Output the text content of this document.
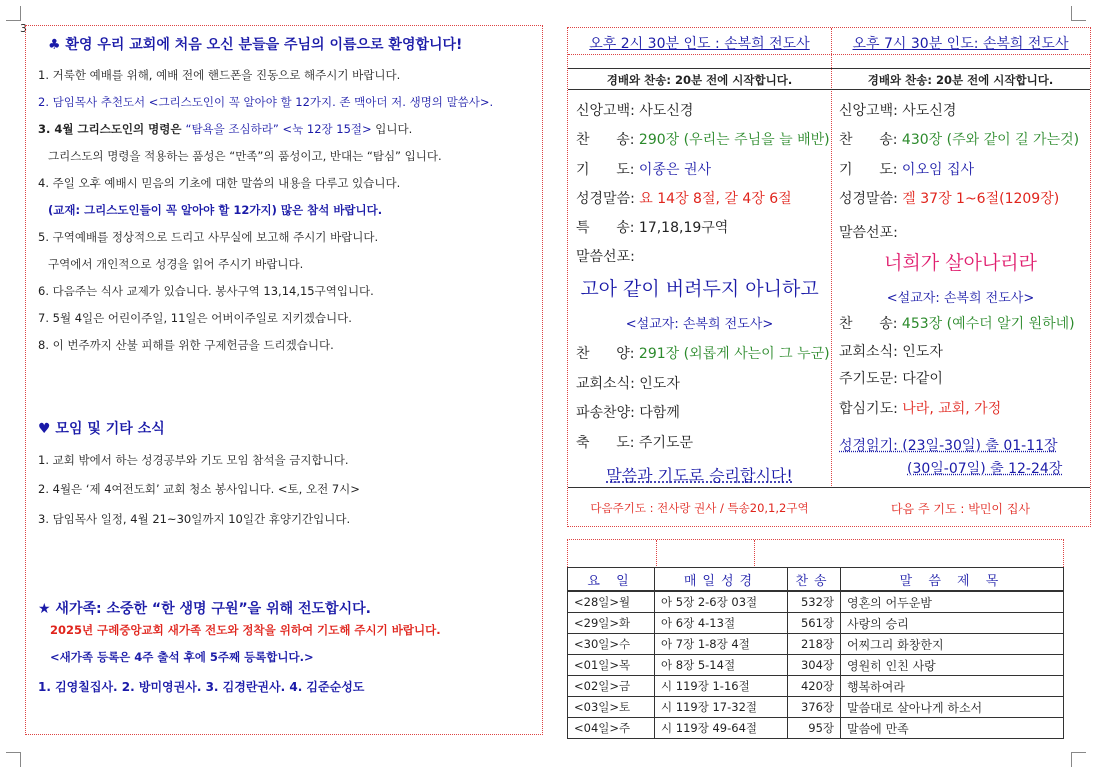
3
♣ 환영 우리 교회에 처음 오신 분들을 주님의 이름으로 환영합니다!
1. 거룩한 예배를 위해, 예배 전에 핸드폰을 진동으로 해주시기 바랍니다.
2. 담임목사 추천도서 <그리스도인이 꼭 알아야 할 12가지. 존 맥아더 저. 생명의 말씀사>.
3. 4월 그리스도인의 명령은 “탐욕을 조심하라” <눅 12장 15절> 입니다.
그리스도의 명령을 적용하는 품성은 “만족”의 품성이고, 반대는 “탐심” 입니다.
4. 주일 오후 예배시 믿음의 기초에 대한 말씀의 내용을 다루고 있습니다.
(교재: 그리스도인들이 꼭 알아야 할 12가지) 많은 참석 바랍니다.
5. 구역예배를 정상적으로 드리고 사무실에 보고해 주시기 바랍니다.
구역에서 개인적으로 성경을 읽어 주시기 바랍니다.
6. 다음주는 식사 교제가 있습니다. 봉사구역 13,14,15구역입니다.
7. 5월 4일은 어린이주일, 11일은 어버이주일로 지키겠습니다.
8. 이 번주까지 산불 피해를 위한 구제헌금을 드리겠습니다.
♥ 모임 및 기타 소식
1. 교회 밖에서 하는 성경공부와 기도 모임 참석을 금지합니다.
2. 4월은 ‘제 4여전도회’ 교회 청소 봉사입니다. <토, 오전 7시>
3. 담임목사 일정, 4월 21~30일까지 10일간 휴양기간입니다.
★ 새가족: 소중한 “한 생명 구원”을 위해 전도합시다.
2025년 구례중앙교회 새가족 전도와 정착을 위하여 기도해 주시기 바랍니다.
<새가족 등록은 4주 출석 후에 5주째 등록합니다.>
1. 김영칠집사. 2. 방미영권사. 3. 김경란권사. 4. 김준순성도
오후 2시 30분 인도 : 손복희 전도사
경배와 찬송: 20분 전에 시작합니다.
신앙고백: 사도신경
찬      송: 290장 (우리는 주님을 늘 배반)
기      도: 이종은 권사
성경말씀: 요 14장 8절, 갈 4장 6절
특      송: 17,18,19구역
말씀선포:
고아 같이 버려두지 아니하고
<설교자: 손복희 전도사>
찬      양: 291장 (외롭게 사는이 그 누군)
교회소식: 인도자
파송찬양: 다함께
축      도: 주기도문
말씀과 기도로 승리합시다!
다음주기도 : 전사랑 권사 / 특송20,1,2구역
오후 7시 30분 인도: 손복희 전도사
경배와 찬송: 20분 전에 시작합니다.
신앙고백: 사도신경
찬      송: 430장 (주와 같이 길 가는것)
기      도: 이오임 집사
성경말씀: 겔 37장 1~6절(1209장)
말씀선포:
너희가 살아나리라
<설교자: 손복희 전도사>
찬      송: 453장 (예수더 알기 원하네)
교회소식: 인도자
주기도문: 다같이
합심기도: 나라, 교회, 가정
성경읽기: (23일-30일) 출 01-11장
(30일-07일) 출 12-24장
다음 주 기도 : 박민이 집사
요 일	매일성경	찬송	말 씀 제 목
<28일>월	아 5장 2-6장 03절	532장	영혼의 어두운밤
<29일>화	아 6장 4-13절	561장	사랑의 승리
<30일>수	아 7장 1-8장 4절	218장	어찌그리 화창한지
<01일>목	아 8장 5-14절	304장	영원히 인친 사랑
<02일>금	시 119장 1-16절	420장	행복하여라
<03일>토	시 119장 17-32절	376장	말씀대로 살아나게 하소서
<04일>주	시 119장 49-64절	95장	말씀에 만족
